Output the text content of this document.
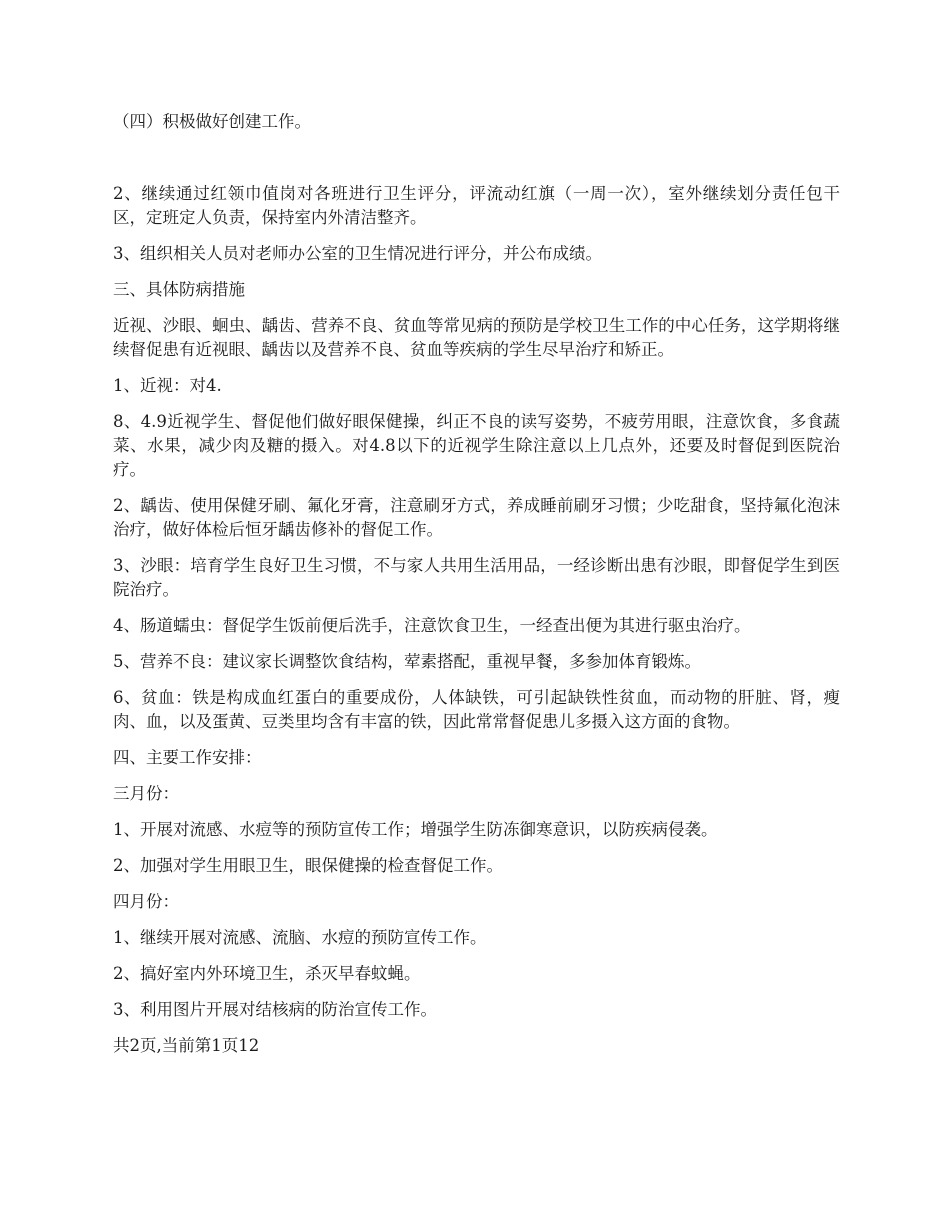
（四）积极做好创建工作。

2、继续通过红领巾值岗对各班进行卫生评分，评流动红旗（一周一次），室外继续划分责任包干区，定班定人负责，保持室内外清洁整齐。

3、组织相关人员对老师办公室的卫生情况进行评分，并公布成绩。

三、具体防病措施

近视、沙眼、蛔虫、龋齿、营养不良、贫血等常见病的预防是学校卫生工作的中心任务，这学期将继续督促患有近视眼、龋齿以及营养不良、贫血等疾病的学生尽早治疗和矫正。

1、近视：对4.

8、4.9近视学生、督促他们做好眼保健操，纠正不良的读写姿势，不疲劳用眼，注意饮食，多食蔬菜、水果，减少肉及糖的摄入。对4.8以下的近视学生除注意以上几点外，还要及时督促到医院治疗。

2、龋齿、使用保健牙刷、氟化牙膏，注意刷牙方式，养成睡前刷牙习惯；少吃甜食，坚持氟化泡沫治疗，做好体检后恒牙龋齿修补的督促工作。

3、沙眼：培育学生良好卫生习惯，不与家人共用生活用品，一经诊断出患有沙眼，即督促学生到医院治疗。

4、肠道蠕虫：督促学生饭前便后洗手，注意饮食卫生，一经查出便为其进行驱虫治疗。

5、营养不良：建议家长调整饮食结构，荤素搭配，重视早餐，多参加体育锻炼。

6、贫血：铁是构成血红蛋白的重要成份，人体缺铁，可引起缺铁性贫血，而动物的肝脏、肾，瘦肉、血，以及蛋黄、豆类里均含有丰富的铁，因此常常督促患儿多摄入这方面的食物。

四、主要工作安排：

三月份：

1、开展对流感、水痘等的预防宣传工作；增强学生防冻御寒意识，以防疾病侵袭。

2、加强对学生用眼卫生，眼保健操的检查督促工作。

四月份：

1、继续开展对流感、流脑、水痘的预防宣传工作。

2、搞好室内外环境卫生，杀灭早春蚊蝇。

3、利用图片开展对结核病的防治宣传工作。

共2页,当前第1页12
